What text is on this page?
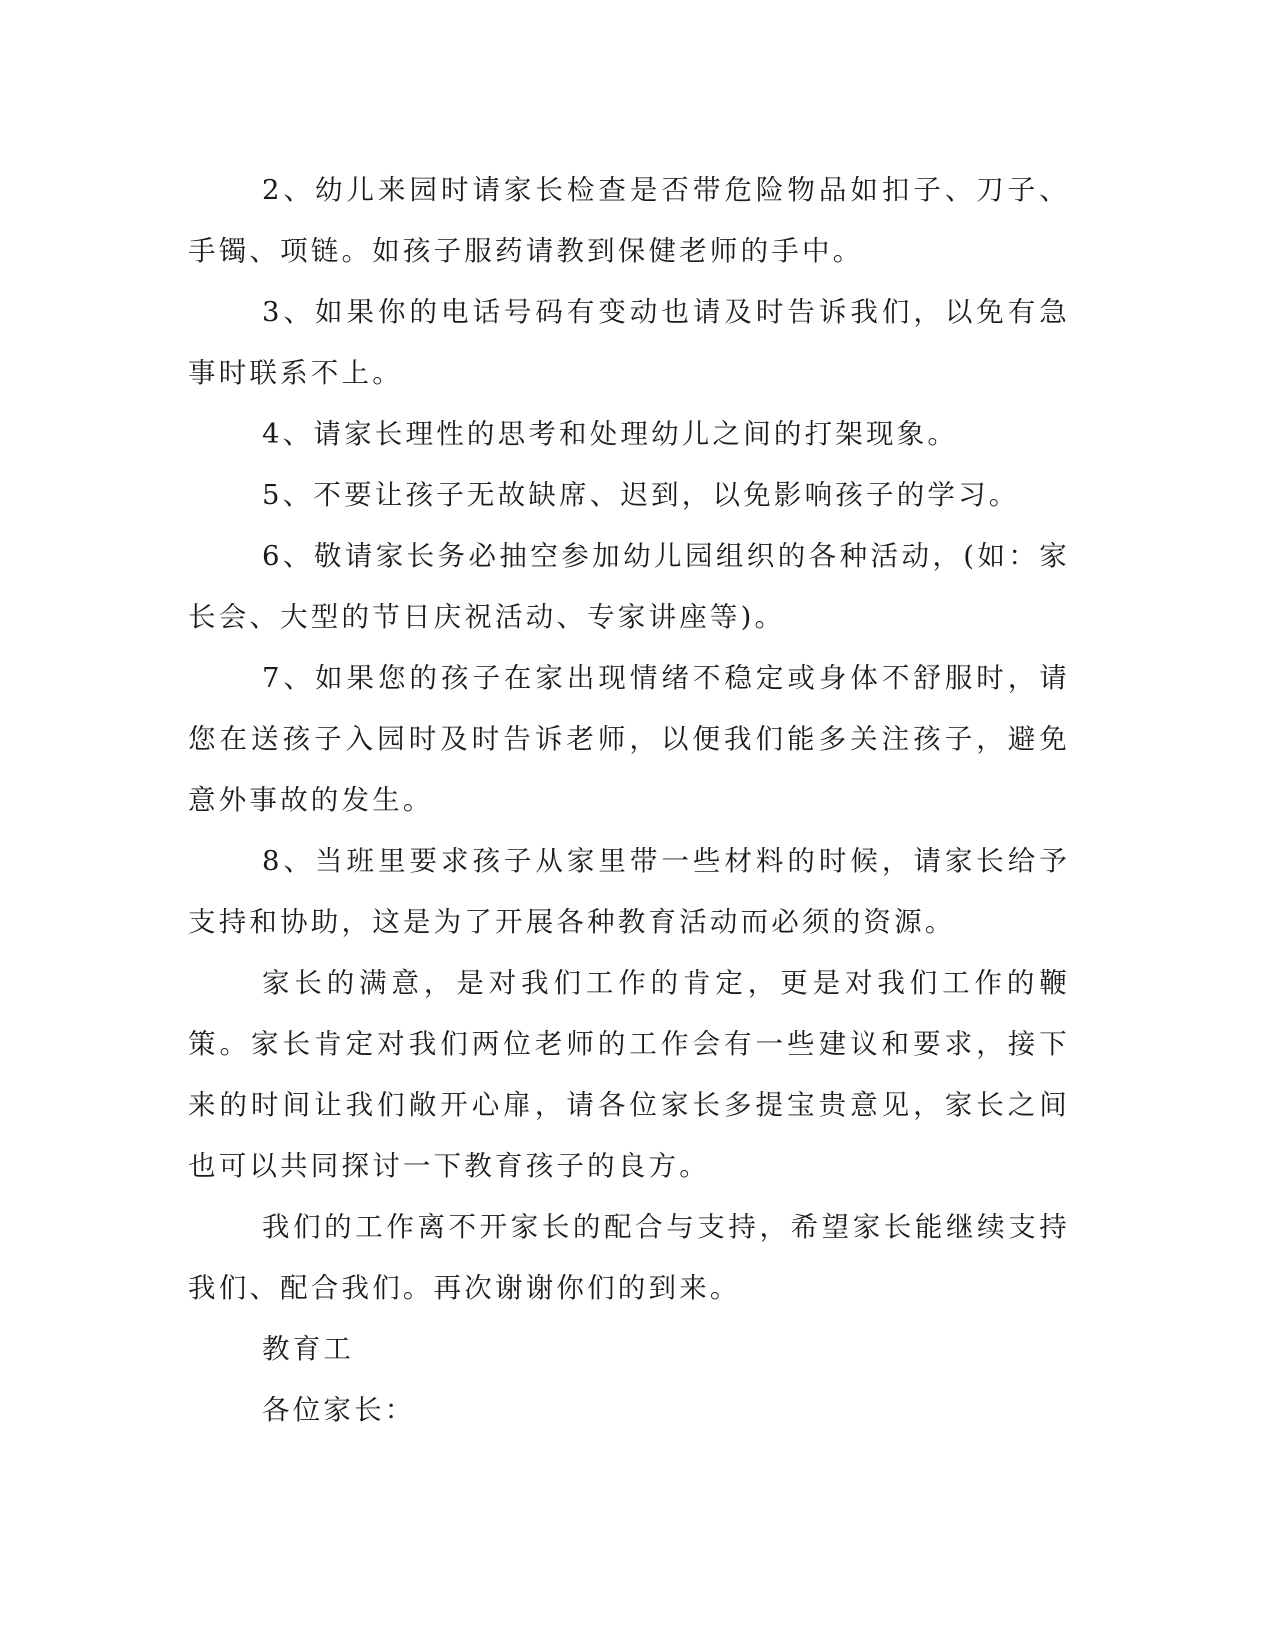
2、幼儿来园时请家长检查是否带危险物品如扣子、刀子、手镯、项链。如孩子服药请教到保健老师的手中。

3、如果你的电话号码有变动也请及时告诉我们，以免有急事时联系不上。

4、请家长理性的思考和处理幼儿之间的打架现象。

5、不要让孩子无故缺席、迟到，以免影响孩子的学习。

6、敬请家长务必抽空参加幼儿园组织的各种活动，(如：家长会、大型的节日庆祝活动、专家讲座等)。

7、如果您的孩子在家出现情绪不稳定或身体不舒服时，请您在送孩子入园时及时告诉老师，以便我们能多关注孩子，避免意外事故的发生。

8、当班里要求孩子从家里带一些材料的时候，请家长给予支持和协助，这是为了开展各种教育活动而必须的资源。

家长的满意，是对我们工作的肯定，更是对我们工作的鞭策。家长肯定对我们两位老师的工作会有一些建议和要求，接下来的时间让我们敞开心扉，请各位家长多提宝贵意见，家长之间也可以共同探讨一下教育孩子的良方。

我们的工作离不开家长的配合与支持，希望家长能继续支持我们、配合我们。再次谢谢你们的到来。

教育工

各位家长：
